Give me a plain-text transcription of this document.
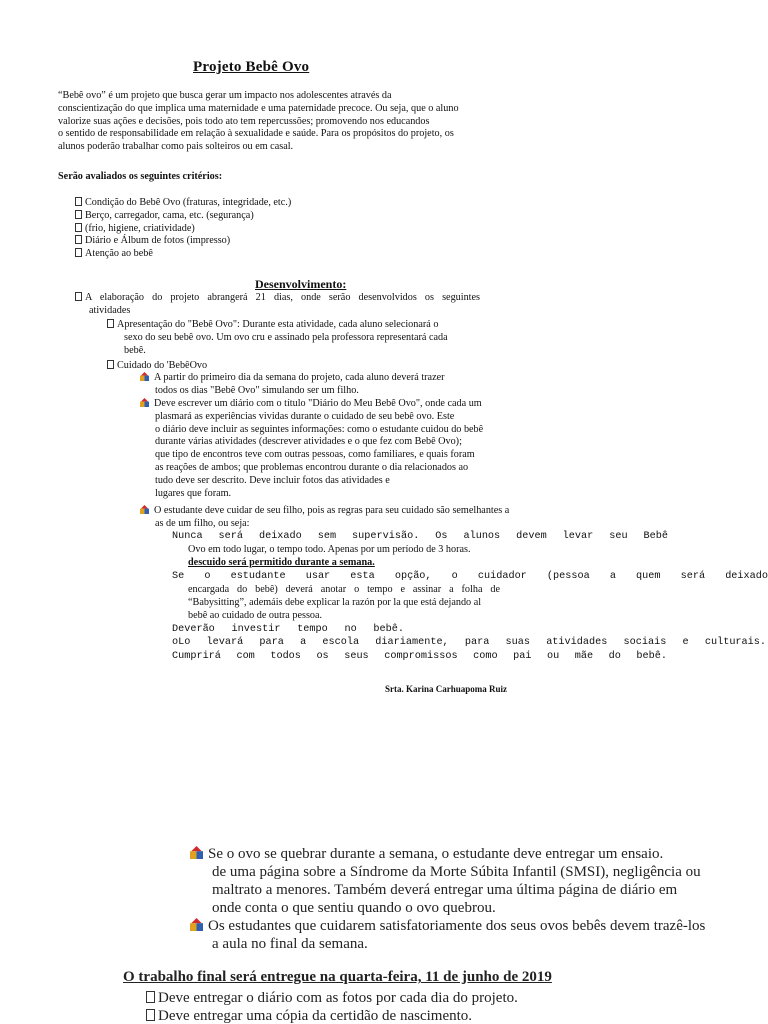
Projeto Bebê Ovo
“Bebê ovo” é um projeto que busca gerar um impacto nos adolescentes através da
conscientização do que implica uma maternidade e uma paternidade precoce. Ou seja, que o aluno
valorize suas ações e decisões, pois todo ato tem repercussões; promovendo nos educandos
o sentido de responsabilidade em relação à sexualidade e saúde. Para os propósitos do projeto, os
alunos poderão trabalhar como pais solteiros ou em casal.
Serão avaliados os seguintes critérios:
Condição do Bebê Ovo (fraturas, integridade, etc.)
Berço, carregador, cama, etc. (segurança)
(frio, higiene, criatividade)
Diário e Álbum de fotos (impresso)
Atenção ao bebê
Desenvolvimento:
A elaboração do projeto abrangerá 21 dias, onde serão desenvolvidos os seguintes
atividades
Apresentação do "Bebê Ovo": Durante esta atividade, cada aluno selecionará o
sexo do seu bebê ovo. Um ovo cru e assinado pela professora representará cada
bebê.
Cuidado do 'BebêOvo
A partir do primeiro dia da semana do projeto, cada aluno deverá trazer
todos os dias "Bebê Ovo" simulando ser um filho.
Deve escrever um diário com o título "Diário do Meu Bebê Ovo", onde cada um
plasmará as experiências vividas durante o cuidado de seu bebê ovo. Este
o diário deve incluir as seguintes informações: como o estudante cuidou do bebê
durante várias atividades (descrever atividades e o que fez com Bebê Ovo);
que tipo de encontros teve com outras pessoas, como familiares, e quais foram
as reações de ambos; que problemas encontrou durante o dia relacionados ao
tudo deve ser descrito. Deve incluir fotos das atividades e
lugares que foram.
O estudante deve cuidar de seu filho, pois as regras para seu cuidado são semelhantes a
as de um filho, ou seja:
Nunca será deixado sem supervisão. Os alunos devem levar seu Bebê
Ovo em todo lugar, o tempo todo. Apenas por um período de 3 horas.
descuido será permitido durante a semana.
Se o estudante usar esta opção, o cuidador (pessoa a quem será deixado
encargada do bebê) deverá anotar o tempo e assinar a folha de
“Babysitting”, ademáis debe explicar la razón por la que está dejando al
bebê ao cuidado de outra pessoa.
Deverão investir tempo no bebê.
oLo levará para a escola diariamente, para suas atividades sociais e culturais.
Cumprirá com todos os seus compromissos como pai ou mãe do bebê.
Srta. Karina Carhuapoma Ruiz
Se o ovo se quebrar durante a semana, o estudante deve entregar um ensaio.
de uma página sobre a Síndrome da Morte Súbita Infantil (SMSI), negligência ou
maltrato a menores. Também deverá entregar uma última página de diário em
onde conta o que sentiu quando o ovo quebrou.
Os estudantes que cuidarem satisfatoriamente dos seus ovos bebês devem trazê-los
a aula no final da semana.
O trabalho final será entregue na quarta-feira, 11 de junho de 2019
Deve entregar o diário com as fotos por cada dia do projeto.
Deve entregar uma cópia da certidão de nascimento.
